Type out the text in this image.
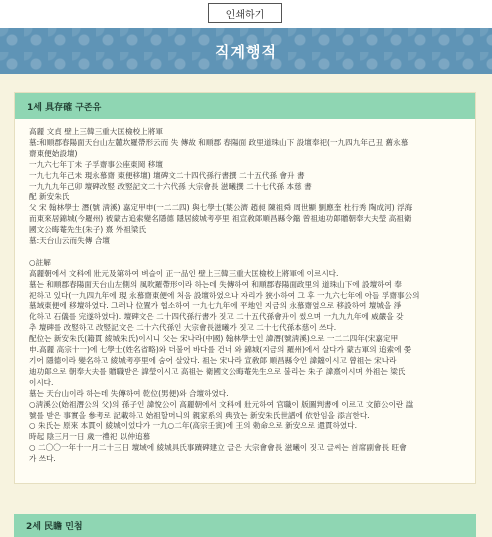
인쇄하기
직계행적
1세 具存確 구존유

高麗 文貞 壁上三韓三重大匡檢校上將軍

墓:和順郡春陽面天台山左麓坎羅帶形云而 失 傳故 和順郡 春陽面 政里道珠山下 設壇奉祀(一九四九年己丑 舊永慕

齋東便始設壇)

一九六七年丁未 子孚齋事公座東岡 移壇

一九七九年己未 現永慕齋 東便移壇) 壇碑文二十四代孫行書撰 二十五代孫 會升 書

一九九九年己卯 壇碑改竪 改竪記文二十六代孫 大宗會長 滋曦撰 二十七代孫 本慈 書

配 新安朱氏

父 宋 翰林學士 潛(號 淸溪) 嘉定甲申(一二二四) 與七學士(葉公濟 趙昶 陳祖舜 周世顯 劉應奎 杜行秀 陶成河) 浮海

而東來居錦城(今羅州) 被蒙古追索變名隱德 隱居綾城考亭里 祖宣敎郞順昌縣令鐺 曾祖迪功郞贈朝奉大夫瑩 高祖衛

國文公晦菴先生(朱子) 熹 外祖梁氏

墓:天台山云而失傳 合壇

○註解

高麗朝에서 文科에 壯元及第하여 벼슬이 正一品인 壁上三韓三重大匡檢校上將軍에 이르시다.

墓는 和順郡春陽面天台山左側의 風吹羅帶形이라 하는데 失傳하여 和順郡春陽面政里의 道珠山下에 設壇하여 奉

祀하고 있다(一九四九年에 現 永慕齋東便에 처음 設壇하였으나 자리가 狹小하여 그 후 一九六七年에 아들 孚齋事公의

墓域東便에 移壇하였다. 그러나 位置가 협소하여 一九七九年에 平地인 지금의 永慕齋옆으로 移設하여 壇城을 淨

化하고 石儀를 完遂하였다). 壇碑文은 二十四代孫行書가 짓고 二十五代孫會升이 썼으며 一九九九年에 威嚴을 갖

추 壇碑를 改竪하고 改竪記文은 二十六代孫인 大宗會長滋曦가 짓고 二十七代孫本慈이 쓰다.

配位는 新安朱氏(籍貫 綾城朱氏)이시니 父는 宋나라(中國) 翰林學士인 諱潛(號淸溪)으로 一二二四年(宋嘉定甲

申.高麗 高宗十一)에 七學士(姓名省略)와 더불어 바다를 건너 와 錦城(지금의 羅州)에서 살다가 蒙古軍의 追索에 쫓

기어 隱德이라 變名하고 綾城考亭里에 숨어 살았다. 祖는 宋나라 宣敎郞 順昌縣令인 諱鐺이시고 曾祖는 宋나라

迪功郞으로 朝奉大夫를 贈職받은 諱瑩이시고 高祖는 衛國文公晦菴先生으로 불리는 朱子 諱熹이시며 外祖는 梁氏

이시다.

墓는 天台山이라 하는데 失傳하여 乾位(男便)와 合壇하였다.

○淸溪公(始祖潛公의 父)의 孫子인 諱悅公이 高麗朝에서 文科에 壯元하여 官職이 版圖判書에 이르고 文節公이란 諡

號를 받은 事實을 參考로 記載하고 始祖할머니의 親家系의 典攷는 新安朱氏世譜에 依한임을 添言한다.

○ 朱氏는 原來 本貫이 綾城이었다가 一九○二年(高宗壬寅)에 王의 勅命으로 新安으로 還貫하였다.

時起 陰三月一日 歲一禮祀 以仲追慕

○ 二〇〇一年十一月二十三日 壇域에 綾城具氏事蹟碑建立 글은 大宗會會長 滋曦이 짓고 글씨는 首席副會長 旺會

가 쓰다.

2세 民瞻 민첨
